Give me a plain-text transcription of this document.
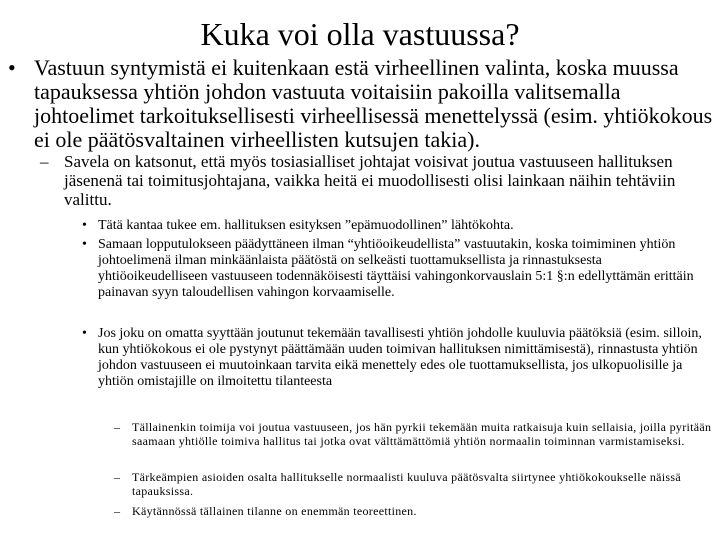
Kuka voi olla vastuussa?
• Vastuun syntymistä ei kuitenkaan estä virheellinen valinta, koska muussa tapauksessa yhtiön johdon vastuuta voitaisiin pakoilla valitsemalla johtoelimet tarkoituksellisesti virheellisessä menettelyssä (esim. yhtiökokous ei ole päätösvaltainen virheellisten kutsujen takia).
– Savela on katsonut, että myös tosiasialliset johtajat voisivat joutua vastuuseen hallituksen jäsenenä tai toimitusjohtajana, vaikka heitä ei muodollisesti olisi lainkaan näihin tehtäviin valittu.
• Tätä kantaa tukee em. hallituksen esityksen ”epämuodollinen” lähtökohta.
• Samaan lopputulokseen päädyttäneen ilman “yhtiöoikeudellista” vastuutakin, koska toimiminen yhtiön johtoelimenä ilman minkäänlaista päätöstä on selkeästi tuottamuksellista ja rinnastuksesta yhtiöoikeudelliseen vastuuseen todennäköisesti täyttäisi vahingonkorvauslain 5:1 §:n edellyttämän erittäin painavan syyn taloudellisen vahingon korvaamiselle.
• Jos joku on omatta syyttään joutunut tekemään tavallisesti yhtiön johdolle kuuluvia päätöksiä (esim. silloin, kun yhtiökokous ei ole pystynyt päättämään uuden toimivan hallituksen nimittämisestä), rinnastusta yhtiön johdon vastuuseen ei muutoinkaan tarvita eikä menettely edes ole tuottamuksellista, jos ulkopuolisille ja yhtiön omistajille on ilmoitettu tilanteesta
– Tällainenkin toimija voi joutua vastuuseen, jos hän pyrkii tekemään muita ratkaisuja kuin sellaisia, joilla pyritään saamaan yhtiölle toimiva hallitus tai jotka ovat välttämättömiä yhtiön normaalin toiminnan varmistamiseksi.
– Tärkeämpien asioiden osalta hallitukselle normaalisti kuuluva päätösvalta siirtynee yhtiökokoukselle näissä tapauksissa.
– Käytännössä tällainen tilanne on enemmän teoreettinen.
